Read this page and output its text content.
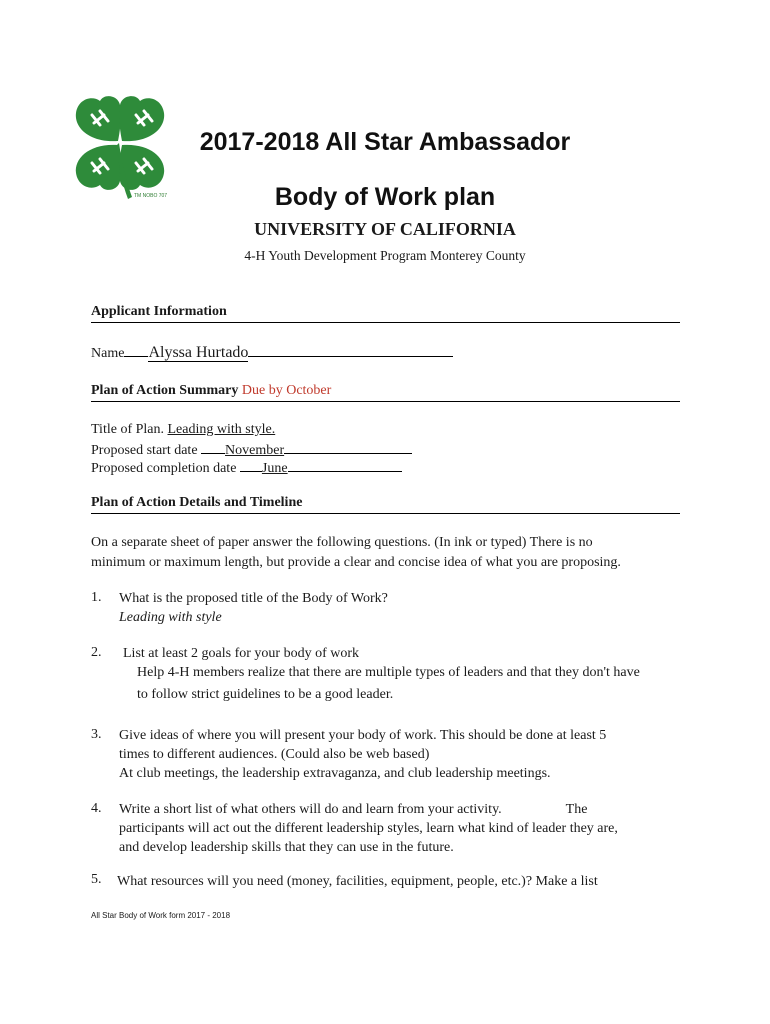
TM NOBO 707
2017-2018 All Star Ambassador
Body of Work plan
UNIVERSITY OF CALIFORNIA
4-H Youth Development Program Monterey County
Applicant Information
Name Alyssa Hurtado
Plan of Action Summary Due by October
Title of Plan. Leading with style.
Proposed start date November
Proposed completion date June
Plan of Action Details and Timeline
On a separate sheet of paper answer the following questions. (In ink or typed) There is no
minimum or maximum length, but provide a clear and concise idea of what you are proposing.
1. What is the proposed title of the Body of Work?
Leading with style
2. List at least 2 goals for your body of work
Help 4-H members realize that there are multiple types of leaders and that they don't have
to follow strict guidelines to be a good leader.
3. Give ideas of where you will present your body of work. This should be done at least 5
times to different audiences. (Could also be web based)
At club meetings, the leadership extravaganza, and club leadership meetings.
4. Write a short list of what others will do and learn from your activity.	The
participants will act out the different leadership styles, learn what kind of leader they are,
and develop leadership skills that they can use in the future.
5. What resources will you need (money, facilities, equipment, people, etc.)? Make a list
All Star Body of Work form 2017 - 2018
